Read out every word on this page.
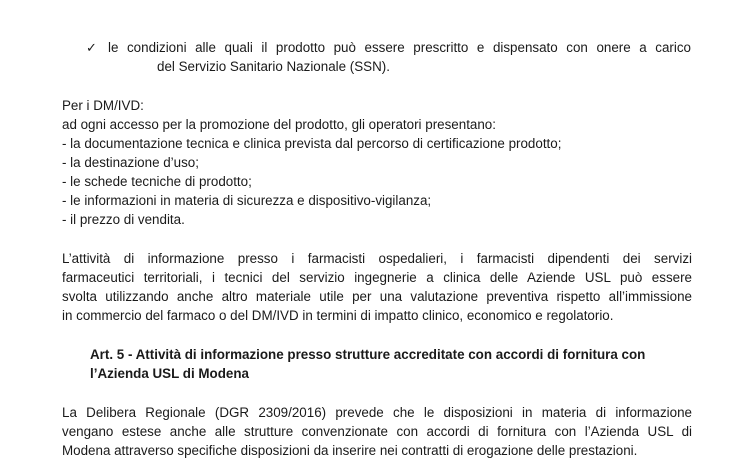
✓ le condizioni alle quali il prodotto può essere prescritto e dispensato con onere a carico
del Servizio Sanitario Nazionale (SSN).
Per i DM/IVD:
ad ogni accesso per la promozione del prodotto, gli operatori presentano:
- la documentazione tecnica e clinica prevista dal percorso di certificazione prodotto;
- la destinazione d’uso;
- le schede tecniche di prodotto;
- le informazioni in materia di sicurezza e dispositivo-vigilanza;
- il prezzo di vendita.
L’attività di informazione presso i farmacisti ospedalieri, i farmacisti dipendenti dei servizi
farmaceutici territoriali, i tecnici del servizio ingegnerie a clinica delle Aziende USL può essere
svolta utilizzando anche altro materiale utile per una valutazione preventiva rispetto all’immissione
in commercio del farmaco o del DM/IVD in termini di impatto clinico, economico e regolatorio.
Art. 5 - Attività di informazione presso strutture accreditate con accordi di fornitura con
l’Azienda USL di Modena
La Delibera Regionale (DGR 2309/2016) prevede che le disposizioni in materia di informazione
vengano estese anche alle strutture convenzionate con accordi di fornitura con l’Azienda USL di
Modena attraverso specifiche disposizioni da inserire nei contratti di erogazione delle prestazioni.
